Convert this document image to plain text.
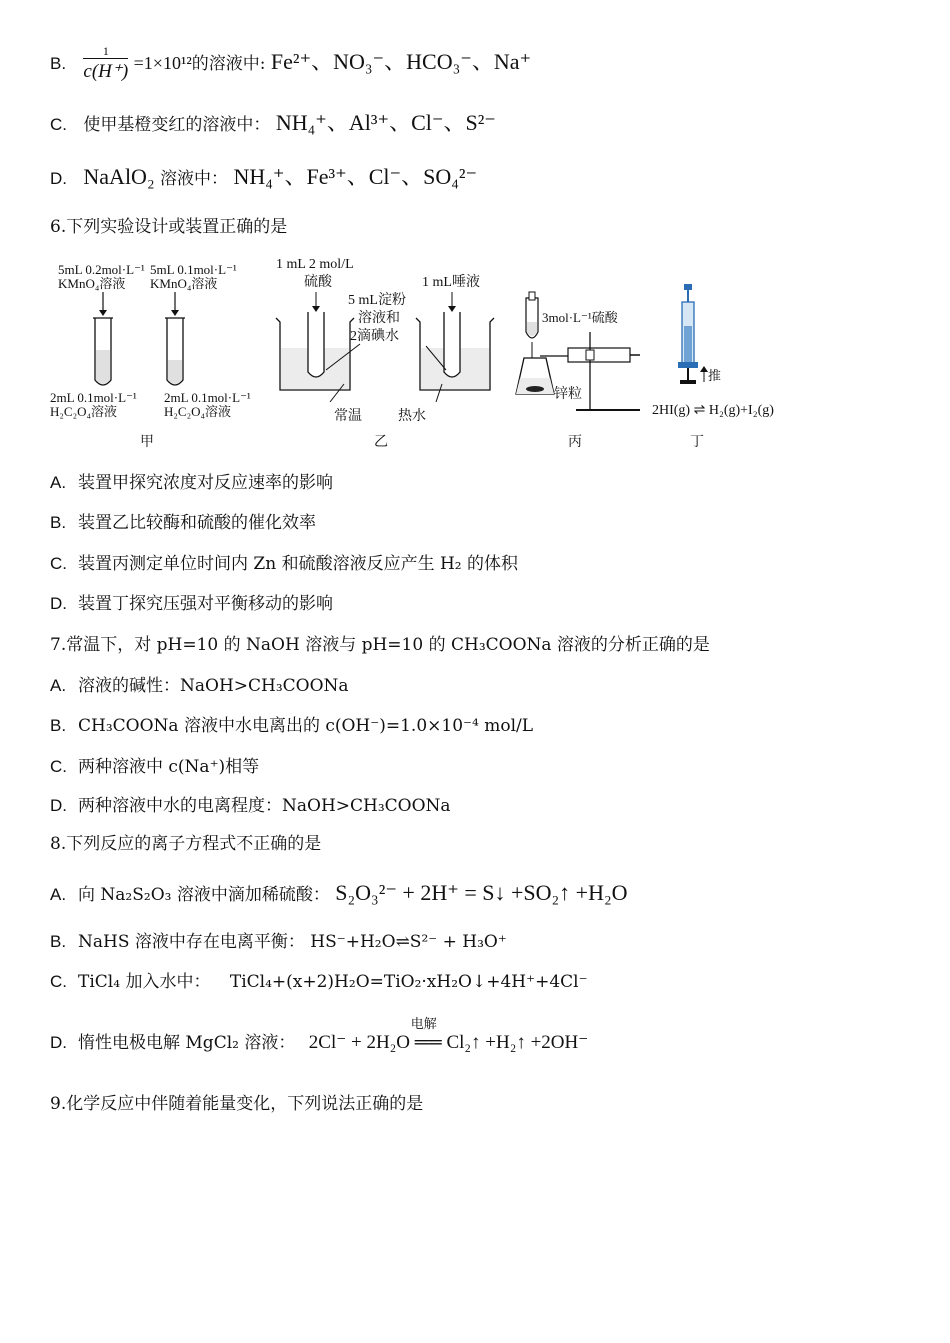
B. $\frac{1}{c(H^+)} =1\times 10^{12}$的溶液中: Fe²⁺、NO₃⁻、HCO₃⁻、Na⁺
C. 使甲基橙变红的溶液中： NH₄⁺、Al³⁺、Cl⁻、S²⁻
D. NaAlO₂ 溶液中： NH₄⁺、Fe³⁺、Cl⁻、SO₄²⁻
6.下列实验设计或装置正确的是
5mL 0.2mol·L⁻¹
KMnO₄溶液
5mL 0.1mol·L⁻¹
KMnO₄溶液
2mL 0.1mol·L⁻¹
H₂C₂O₄溶液
2mL 0.1mol·L⁻¹
H₂C₂O₄溶液
甲
1 mL 2 mol/L
硫酸
5 mL淀粉
溶液和
2滴碘水
1 mL唾液
常温	热水
乙
3mol·L⁻¹硫酸
锌粒
丙
推
2HI(g) ⇌ H₂(g)+I₂(g)
丁
A. 装置甲探究浓度对反应速率的影响
B. 装置乙比较酶和硫酸的催化效率
C. 装置丙测定单位时间内 Zn 和硫酸溶液反应产生 H₂ 的体积
D. 装置丁探究压强对平衡移动的影响
7.常温下，对 pH=10 的 NaOH 溶液与 pH=10 的 CH₃COONa 溶液的分析正确的是
A. 溶液的碱性：NaOH>CH₃COONa
B. CH₃COONa 溶液中水电离出的 c(OH⁻)=1.0×10⁻⁴ mol/L
C. 两种溶液中 c(Na⁺)相等
D. 两种溶液中水的电离程度：NaOH>CH₃COONa
8.下列反应的离子方程式不正确的是
A. 向 Na₂S₂O₃ 溶液中滴加稀硫酸： S₂O₃²⁻ + 2H⁺ = S↓ +SO₂↑ +H₂O
B. NaHS 溶液中存在电离平衡： HS⁻+H₂O⇌S²⁻ + H₃O⁺
C. TiCl₄ 加入水中： TiCl₄+(x+2)H₂O=TiO₂·xH₂O↓+4H⁺+4Cl⁻
D. 惰性电极电解 MgCl₂ 溶液：
电解
2Cl⁻ + 2H₂O ══ Cl₂↑ +H₂↑ +2OH⁻
9.化学反应中伴随着能量变化，下列说法正确的是
